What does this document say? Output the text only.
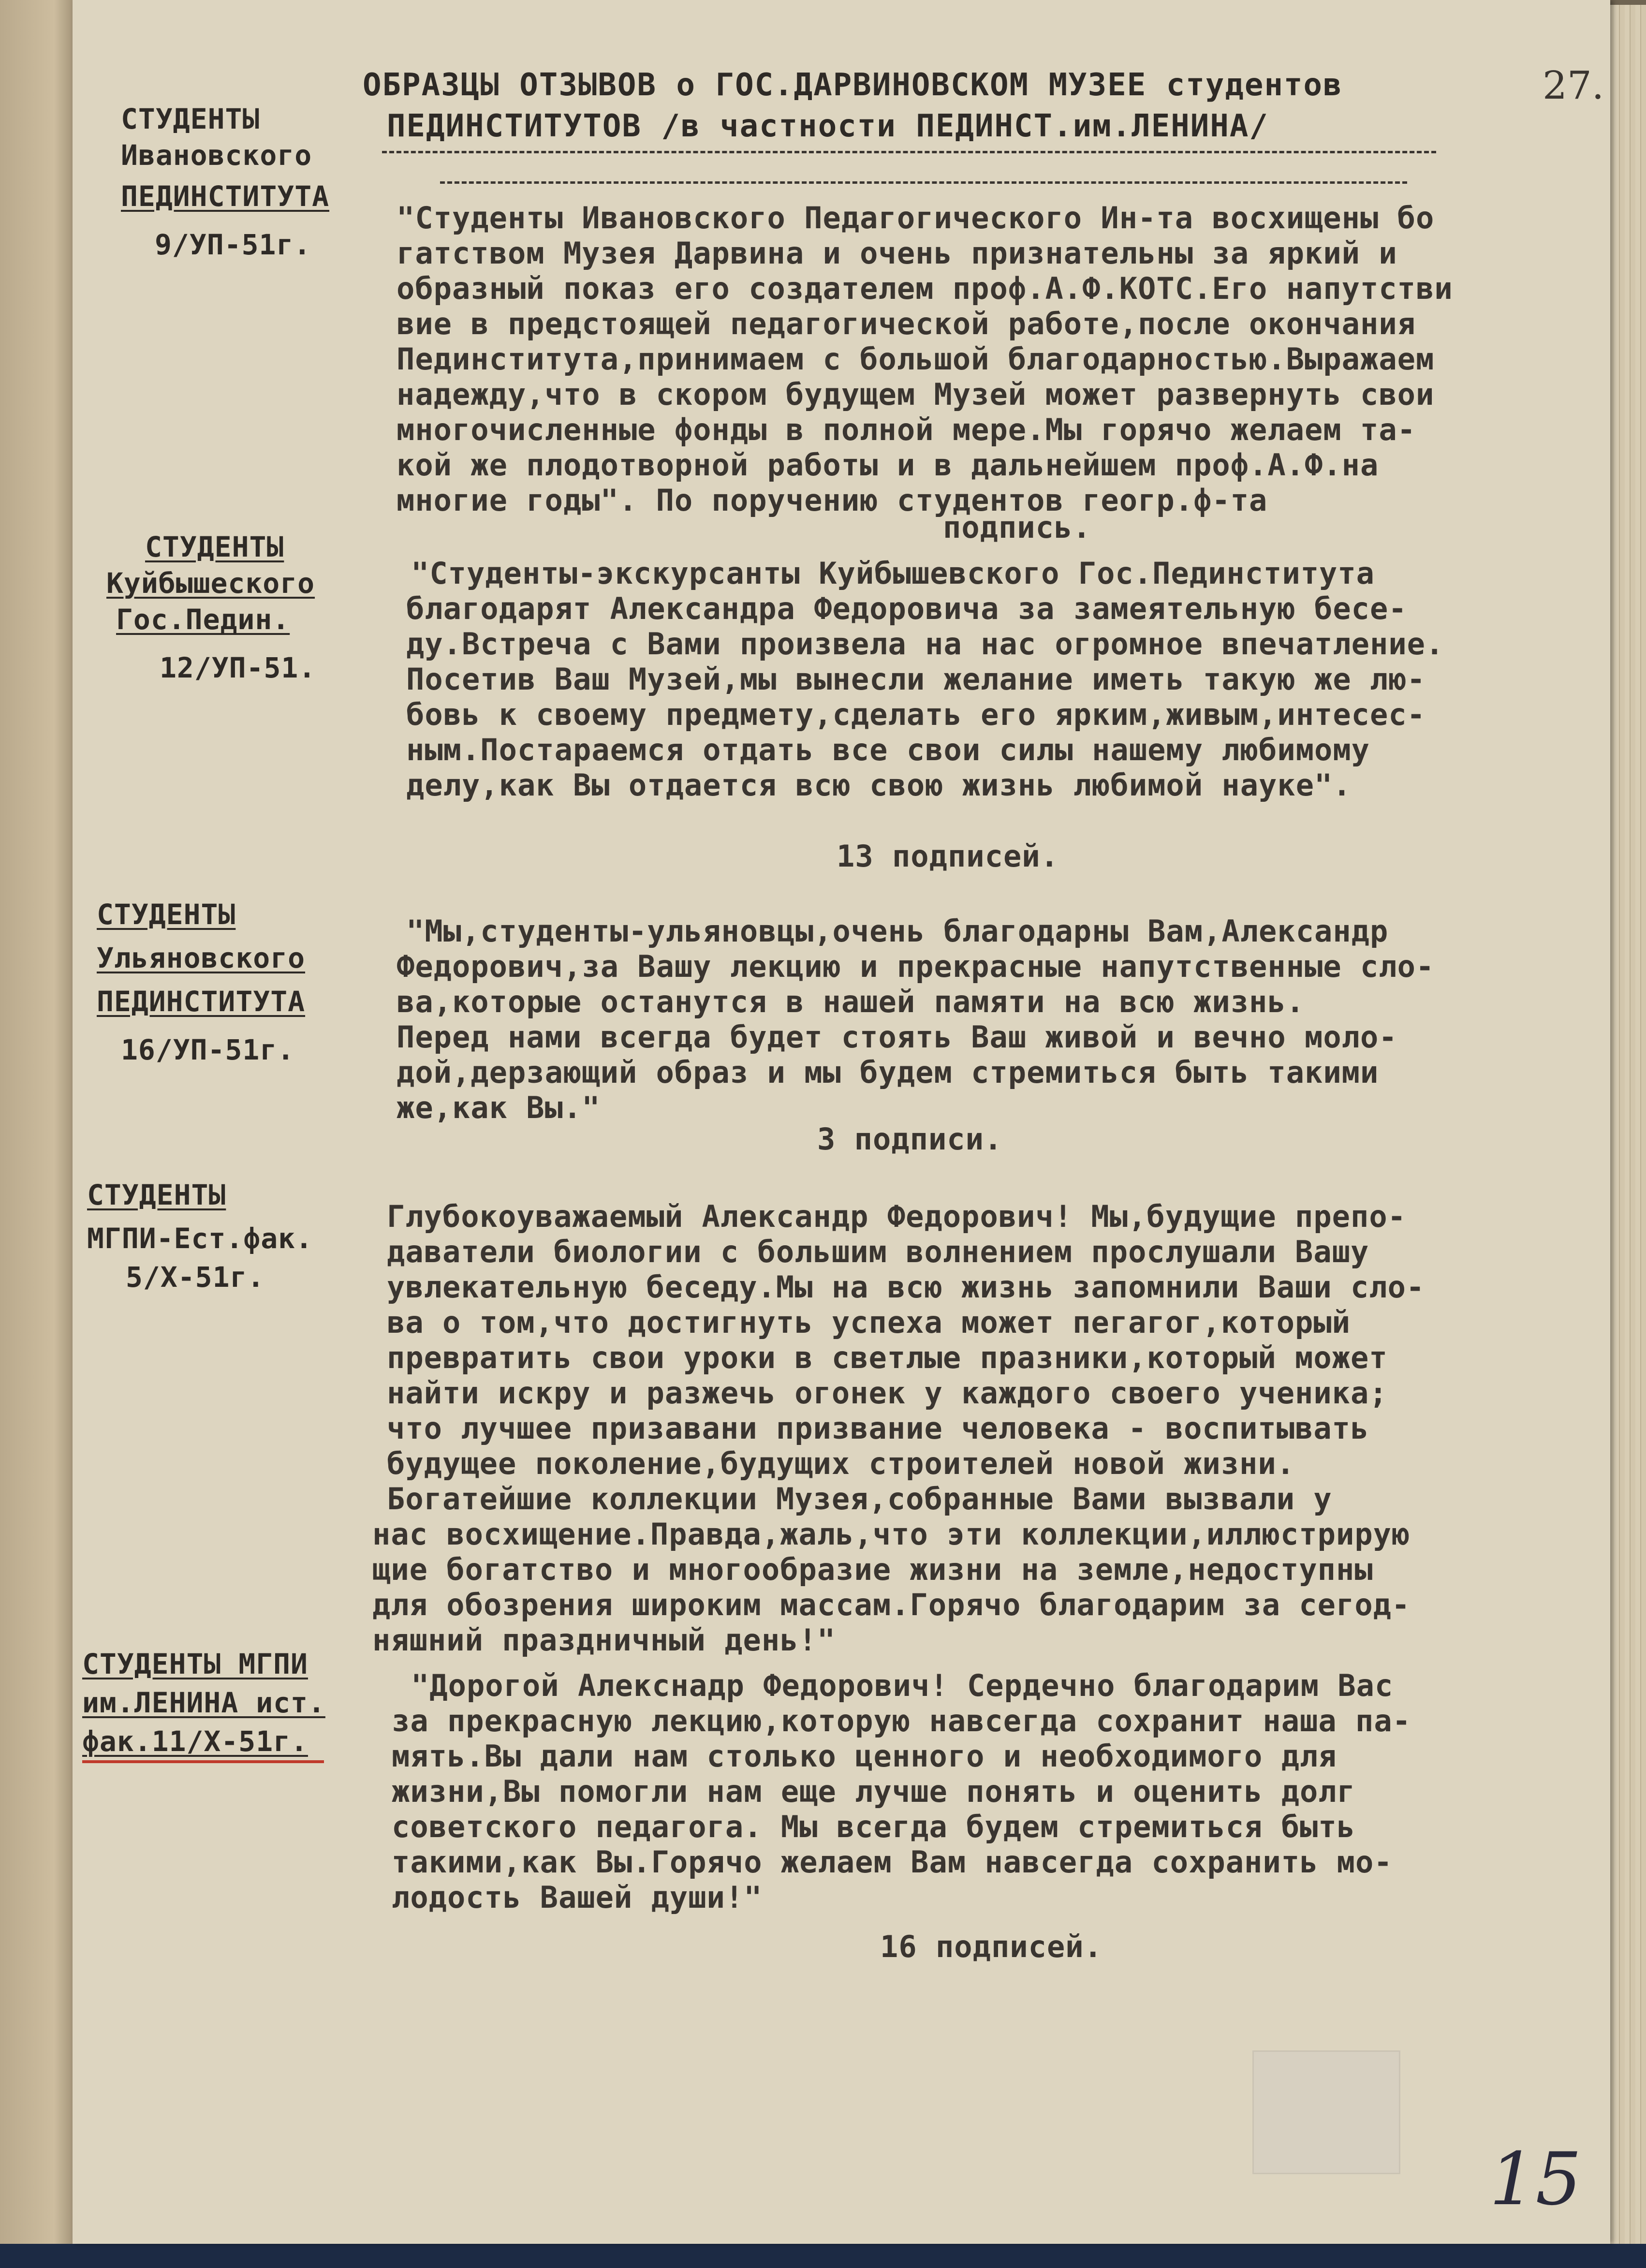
27.
ОБРАЗЦЫ ОТЗЫВОВ о ГОС.ДАРВИНОВСКОМ МУЗЕЕ студентов
ПЕДИНСТИТУТОВ /в частности ПЕДИНСТ.им.ЛЕНИНА/
СТУДЕНТЫ
Ивановского
ПЕДИНСТИТУТА
9/УП-51г.
"Студенты Ивановского Педагогического Ин-та восхищены бо
гатством Музея Дарвина и очень признательны за яркий и
образный показ его создателем проф.А.Ф.КОТС.Его напутстви
вие в предстоящей педагогической работе,после окончания
Пединститута,принимаем с большой благодарностью.Выражаем
надежду,что в скором будущем Музей может развернуть свои
многочисленные фонды в полной мере.Мы горячо желаем та-
кой же плодотворной работы и в дальнейшем проф.А.Ф.на
многие годы". По поручению студентов геогр.ф-та
подпись.
СТУДЕНТЫ
Куйбышеского
Гос.Педин.
12/УП-51.
"Студенты-экскурсанты Куйбышевского Гос.Пединститута
благодарят Александра Федоровича за замеятельную бесе-
ду.Встреча с Вами произвела на нас огромное впечатление.
Посетив Ваш Музей,мы вынесли желание иметь такую же лю-
бовь к своему предмету,сделать его ярким,живым,интесес-
ным.Постараемся отдать все свои силы нашему любимому
делу,как Вы отдается всю свою жизнь любимой науке".
13 подписей.
СТУДЕНТЫ
Ульяновского
ПЕДИНСТИТУТА
16/УП-51г.
"Мы,студенты-ульяновцы,очень благодарны Вам,Александр
Федорович,за Вашу лекцию и прекрасные напутственные сло-
ва,которые останутся в нашей памяти на всю жизнь.
Перед нами всегда будет стоять Ваш живой и вечно моло-
дой,дерзающий образ и мы будем стремиться быть такими
же,как Вы."
3 подписи.
СТУДЕНТЫ
МГПИ-Ест.фак.
5/Х-51г.
Глубокоуважаемый Александр Федорович! Мы,будущие препо-
даватели биологии с большим волнением прослушали Вашу
увлекательную беседу.Мы на всю жизнь запомнили Ваши сло-
ва о том,что достигнуть успеха может пегагог,который
превратить свои уроки в светлые празники,который может
найти искру и разжечь огонек у каждого своего ученика;
что лучшее призавани призвание человека - воспитывать
будущее поколение,будущих строителей новой жизни.
Богатейшие коллекции Музея,собранные Вами вызвали у
нас восхищение.Правда,жаль,что эти коллекции,иллюстрирую
щие богатство и многообразие жизни на земле,недоступны
для обозрения широким массам.Горячо благодарим за сегод-
няшний праздничный день!"
СТУДЕНТЫ МГПИ
им.ЛЕНИНА ист.
фак.11/Х-51г.
"Дорогой Алекснадр Федорович! Сердечно благодарим Вас
за прекрасную лекцию,которую навсегда сохранит наша па-
мять.Вы дали нам столько ценного и необходимого для
жизни,Вы помогли нам еще лучше понять и оценить долг
советского педагога. Мы всегда будем стремиться быть
такими,как Вы.Горячо желаем Вам навсегда сохранить мо-
лодость Вашей души!"
16 подписей.
15
